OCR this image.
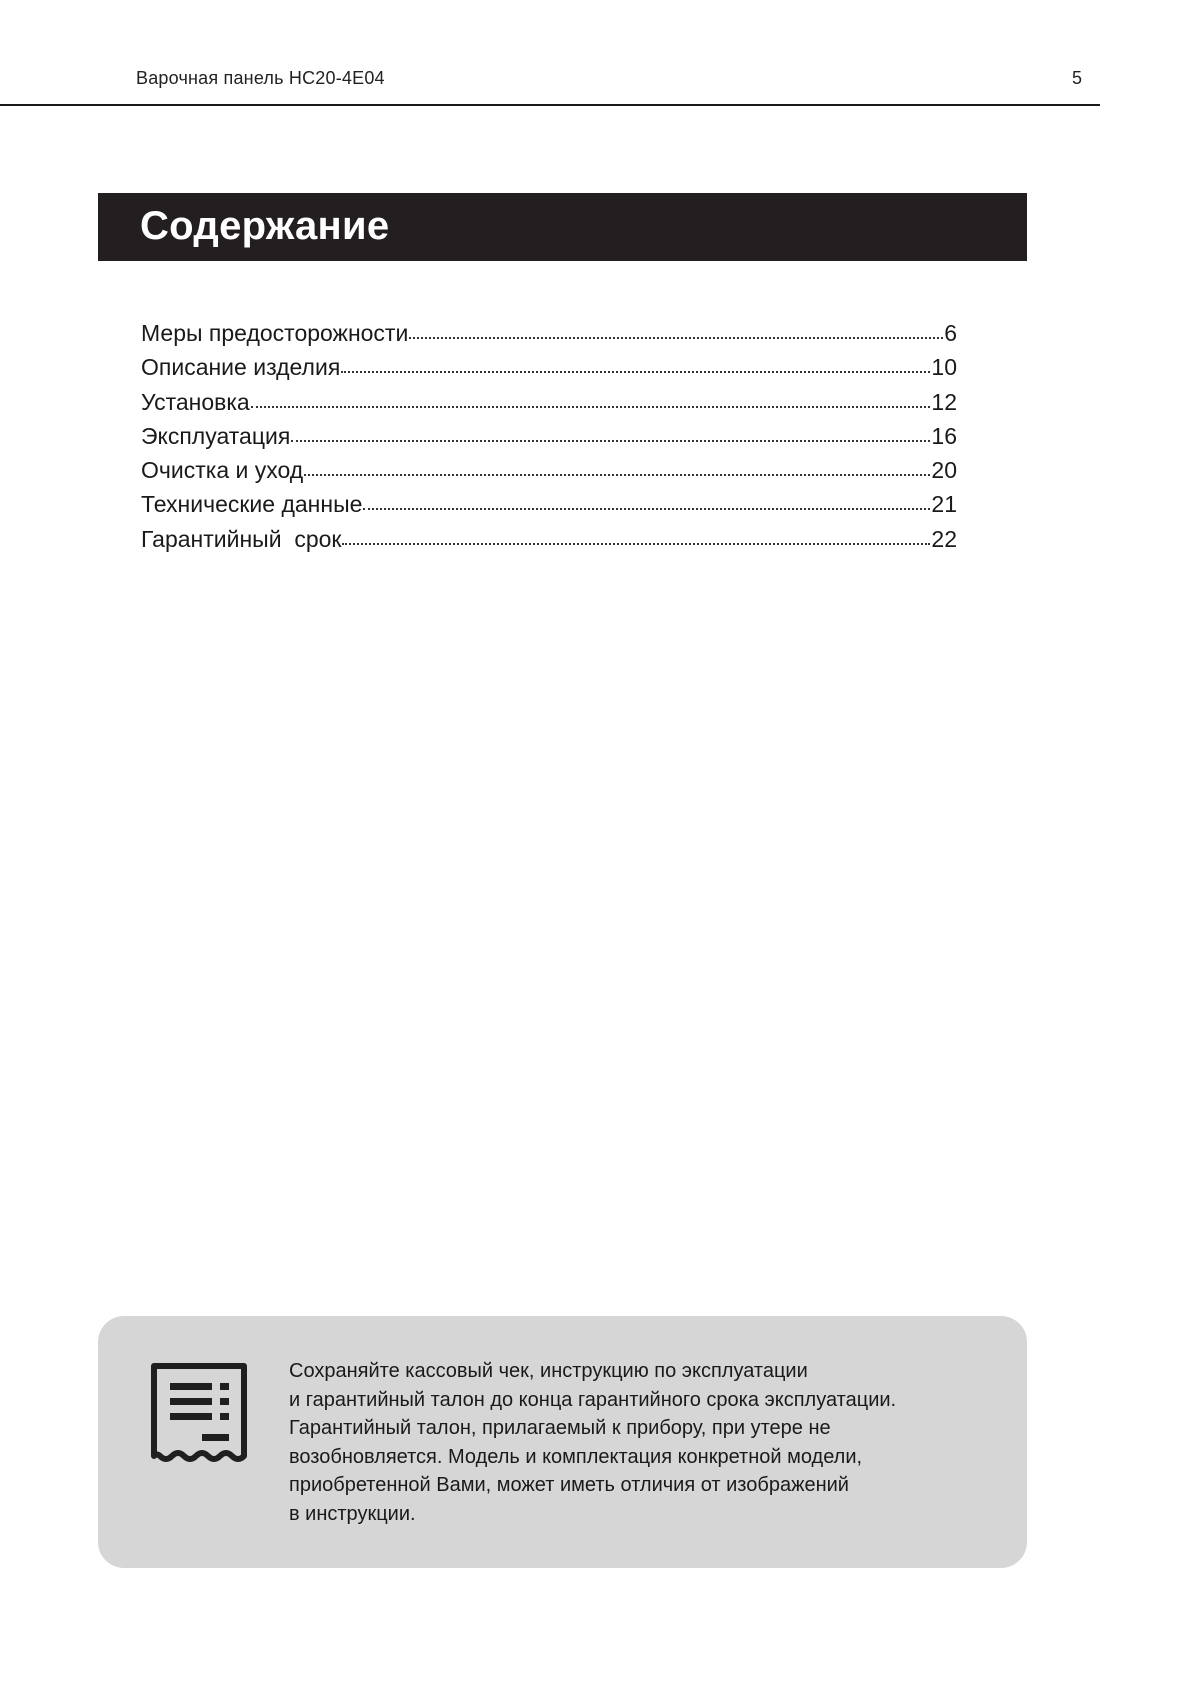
Варочная панель HC20-4E04	5
Содержание
Меры предосторожности	6
Описание изделия	10
Установка	12
Эксплуатация	16
Очистка и уход	20
Технические данные	21
Гарантийный  срок	22
Сохраняйте кассовый чек, инструкцию по эксплуатации
и гарантийный талон до конца гарантийного срока эксплуатации.
Гарантийный талон, прилагаемый к прибору, при утере не
возобновляется. Модель и комплектация конкретной модели,
приобретенной Вами, может иметь отличия от изображений
в инструкции.
